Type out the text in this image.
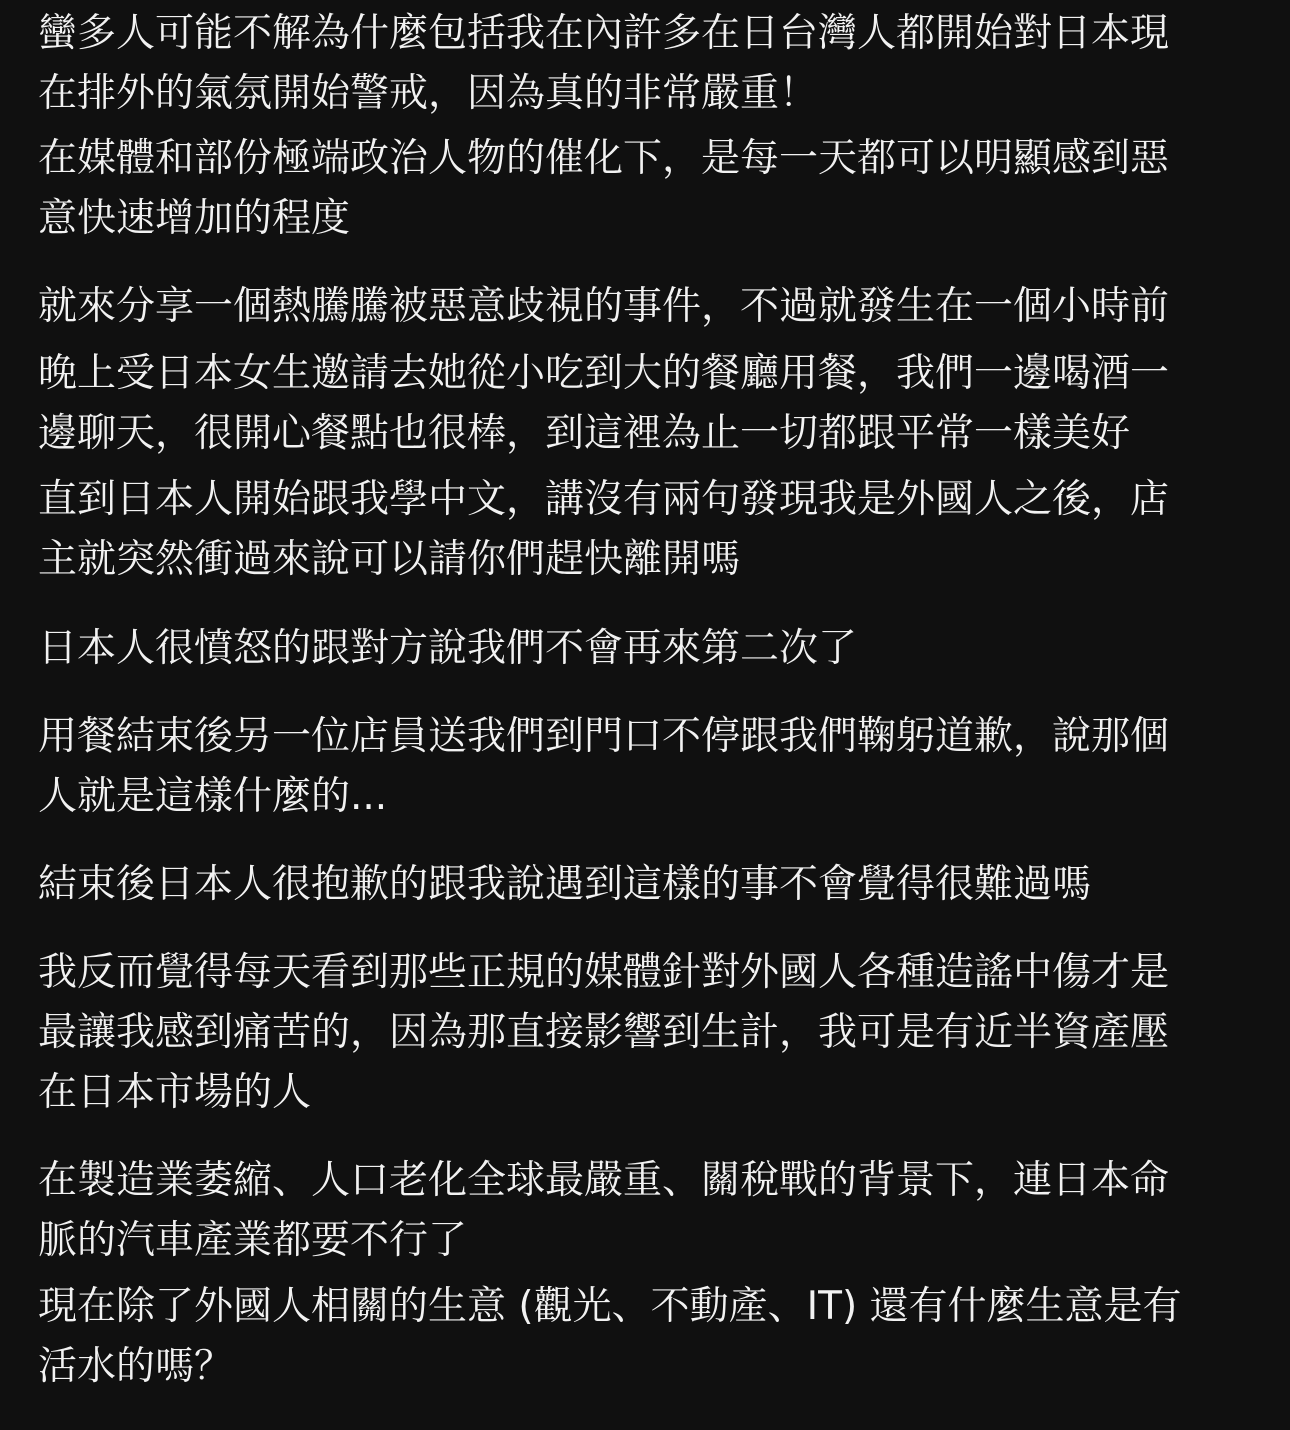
蠻多人可能不解為什麼包括我在內許多在日台灣人都開始對日本現
在排外的氣氛開始警戒，因為真的非常嚴重！
在媒體和部份極端政治人物的催化下，是每一天都可以明顯感到惡
意快速增加的程度
就來分享一個熱騰騰被惡意歧視的事件，不過就發生在一個小時前
晚上受日本女生邀請去她從小吃到大的餐廳用餐，我們一邊喝酒一
邊聊天，很開心餐點也很棒，到這裡為止一切都跟平常一樣美好
直到日本人開始跟我學中文，講沒有兩句發現我是外國人之後，店
主就突然衝過來說可以請你們趕快離開嗎
日本人很憤怒的跟對方說我們不會再來第二次了
用餐結束後另一位店員送我們到門口不停跟我們鞠躬道歉，說那個
人就是這樣什麼的...
結束後日本人很抱歉的跟我說遇到這樣的事不會覺得很難過嗎
我反而覺得每天看到那些正規的媒體針對外國人各種造謠中傷才是
最讓我感到痛苦的，因為那直接影響到生計，我可是有近半資產壓
在日本市場的人
在製造業萎縮、人口老化全球最嚴重、關稅戰的背景下，連日本命
脈的汽車產業都要不行了
現在除了外國人相關的生意 (觀光、不動產、IT) 還有什麼生意是有
活水的嗎？
